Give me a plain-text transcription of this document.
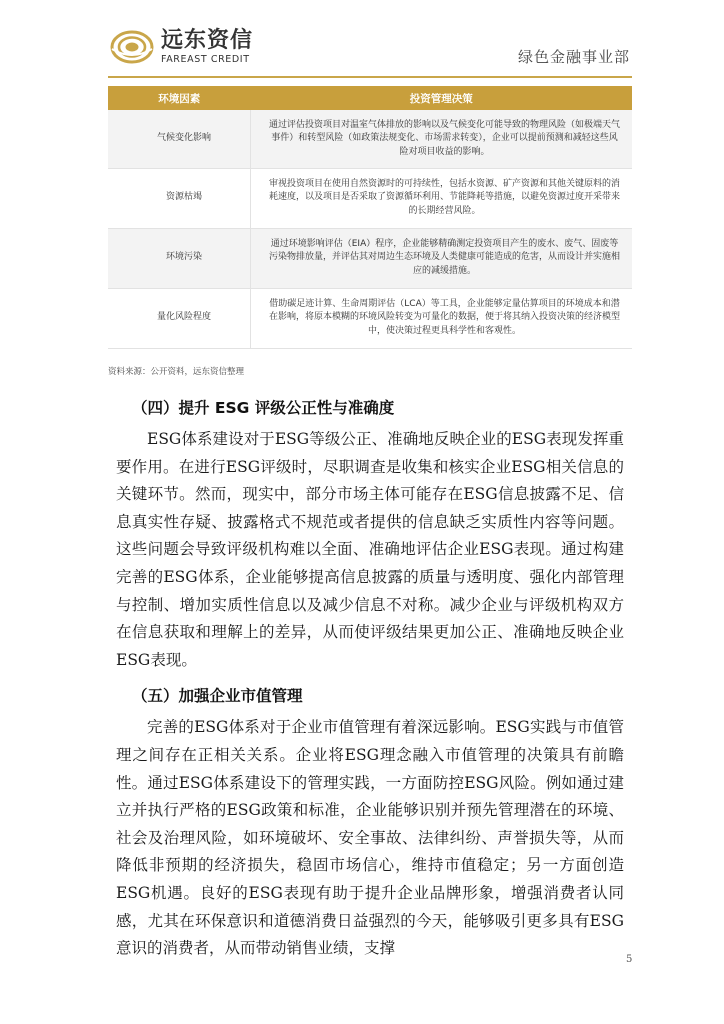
远东资信
FAREAST CREDIT	绿色金融事业部
环境因素	投资管理决策
气候变化影响	通过评估投资项目对温室气体排放的影响以及气候变化可能导致的物理风险（如极端天气事件）和转型风险（如政策法规变化、市场需求转变），企业可以提前预测和减轻这些风险对项目收益的影响。
资源枯竭	审视投资项目在使用自然资源时的可持续性，包括水资源、矿产资源和其他关键原料的消耗速度，以及项目是否采取了资源循环利用、节能降耗等措施，以避免资源过度开采带来的长期经营风险。
环境污染	通过环境影响评估（EIA）程序，企业能够精确测定投资项目产生的废水、废气、固废等污染物排放量，并评估其对周边生态环境及人类健康可能造成的危害，从而设计并实施相应的减缓措施。
量化风险程度	借助碳足迹计算、生命周期评估（LCA）等工具，企业能够定量估算项目的环境成本和潜在影响，将原本模糊的环境风险转变为可量化的数据，便于将其纳入投资决策的经济模型中，使决策过程更具科学性和客观性。
资料来源：公开资料，远东资信整理
（四）提升 ESG 评级公正性与准确度

ESG体系建设对于ESG等级公正、准确地反映企业的ESG表现发挥重要作用。在进行ESG评级时，尽职调查是收集和核实企业ESG相关信息的关键环节。然而，现实中，部分市场主体可能存在ESG信息披露不足、信息真实性存疑、披露格式不规范或者提供的信息缺乏实质性内容等问题。这些问题会导致评级机构难以全面、准确地评估企业ESG表现。通过构建完善的ESG体系，企业能够提高信息披露的质量与透明度、强化内部管理与控制、增加实质性信息以及减少信息不对称。减少企业与评级机构双方在信息获取和理解上的差异，从而使评级结果更加公正、准确地反映企业ESG表现。

（五）加强企业市值管理

完善的ESG体系对于企业市值管理有着深远影响。ESG实践与市值管理之间存在正相关关系。企业将ESG理念融入市值管理的决策具有前瞻性。通过ESG体系建设下的管理实践，一方面防控ESG风险。例如通过建立并执行严格的ESG政策和标准，企业能够识别并预先管理潜在的环境、社会及治理风险，如环境破坏、安全事故、法律纠纷、声誉损失等，从而降低非预期的经济损失，稳固市场信心，维持市值稳定；另一方面创造ESG机遇。良好的ESG表现有助于提升企业品牌形象，增强消费者认同感，尤其在环保意识和道德消费日益强烈的今天，能够吸引更多具有ESG意识的消费者，从而带动销售业绩，支撑

5
